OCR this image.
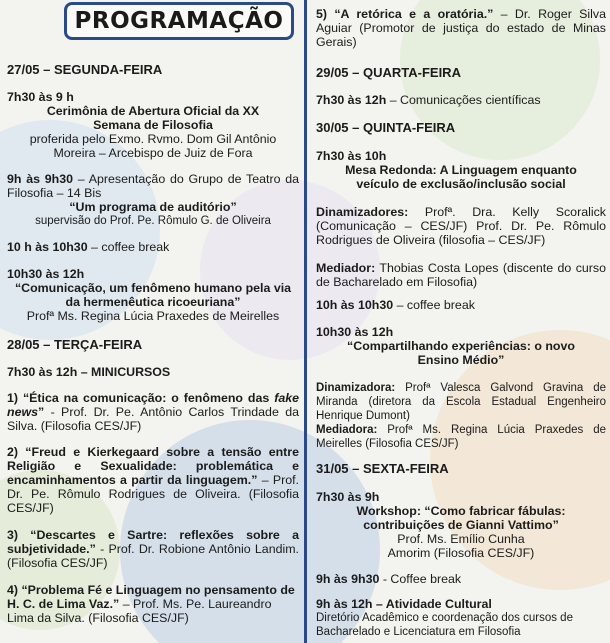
PROGRAMAÇÃO
27/05 – SEGUNDA-FEIRA
7h30 às 9 h
Cerimônia de Abertura Oficial da XX Semana de Filosofia
proferida pelo Exmo. Rvmo. Dom Gil Antônio Moreira – Arcebispo de Juiz de Fora
9h às 9h30 – Apresentação do Grupo de Teatro da Filosofia – 14 Bis
“Um programa de auditório”
supervisão do Prof. Pe. Rômulo G. de Oliveira
10 h às 10h30 – coffee break
10h30 às 12h
“Comunicação, um fenômeno humano pela via da hermenêutica ricoeuriana”
Profª Ms. Regina Lúcia Praxedes de Meirelles
28/05 – TERÇA-FEIRA
7h30 às 12h – MINICURSOS
1) “Ética na comunicação: o fenômeno das fake news” - Prof. Dr. Pe. Antônio Carlos Trindade da Silva. (Filosofia CES/JF)
2) “Freud e Kierkegaard sobre a tensão entre Religião e Sexualidade: problemática e encaminhamentos a partir da linguagem.” – Prof. Dr. Pe. Rômulo Rodrigues de Oliveira. (Filosofia CES/JF)
3) “Descartes e Sartre: reflexões sobre a subjetividade.” - Prof. Dr. Robione Antônio Landim. (Filosofia CES/JF)
4) “Problema Fé e Linguagem no pensamento de H. C. de Lima Vaz.” – Prof. Ms. Pe. Laureandro Lima da Silva. (Filosofia CES/JF)
5) “A retórica e a oratória.” – Dr. Roger Silva Aguiar (Promotor de justiça do estado de Minas Gerais)
29/05 – QUARTA-FEIRA
7h30 às 12h – Comunicações científicas
30/05 – QUINTA-FEIRA
7h30 às 10h
Mesa Redonda: A Linguagem enquanto veículo de exclusão/inclusão social
Dinamizadores: Profª. Dra. Kelly Scoralick (Comunicação – CES/JF) Prof. Dr. Pe. Rômulo Rodrigues de Oliveira (filosofia – CES/JF)
Mediador: Thobias Costa Lopes (discente do curso de Bacharelado em Filosofia)
10h às 10h30 – coffee break
10h30 às 12h
“Compartilhando experiências: o novo Ensino Médio”
Dinamizadora: Profª Valesca Galvond Gravina de Miranda (diretora da Escola Estadual Engenheiro Henrique Dumont)
Mediadora: Profª Ms. Regina Lúcia Praxedes de Meirelles (Filosofia CES/JF)
31/05 – SEXTA-FEIRA
7h30 às 9h
Workshop: “Como fabricar fábulas: contribuições de Gianni Vattimo”
Prof. Ms. Emílio Cunha Amorim (Filosofia CES/JF)
9h às 9h30 - Coffee break
9h às 12h – Atividade Cultural
Diretório Acadêmico e coordenação dos cursos de Bacharelado e Licenciatura em Filosofia
